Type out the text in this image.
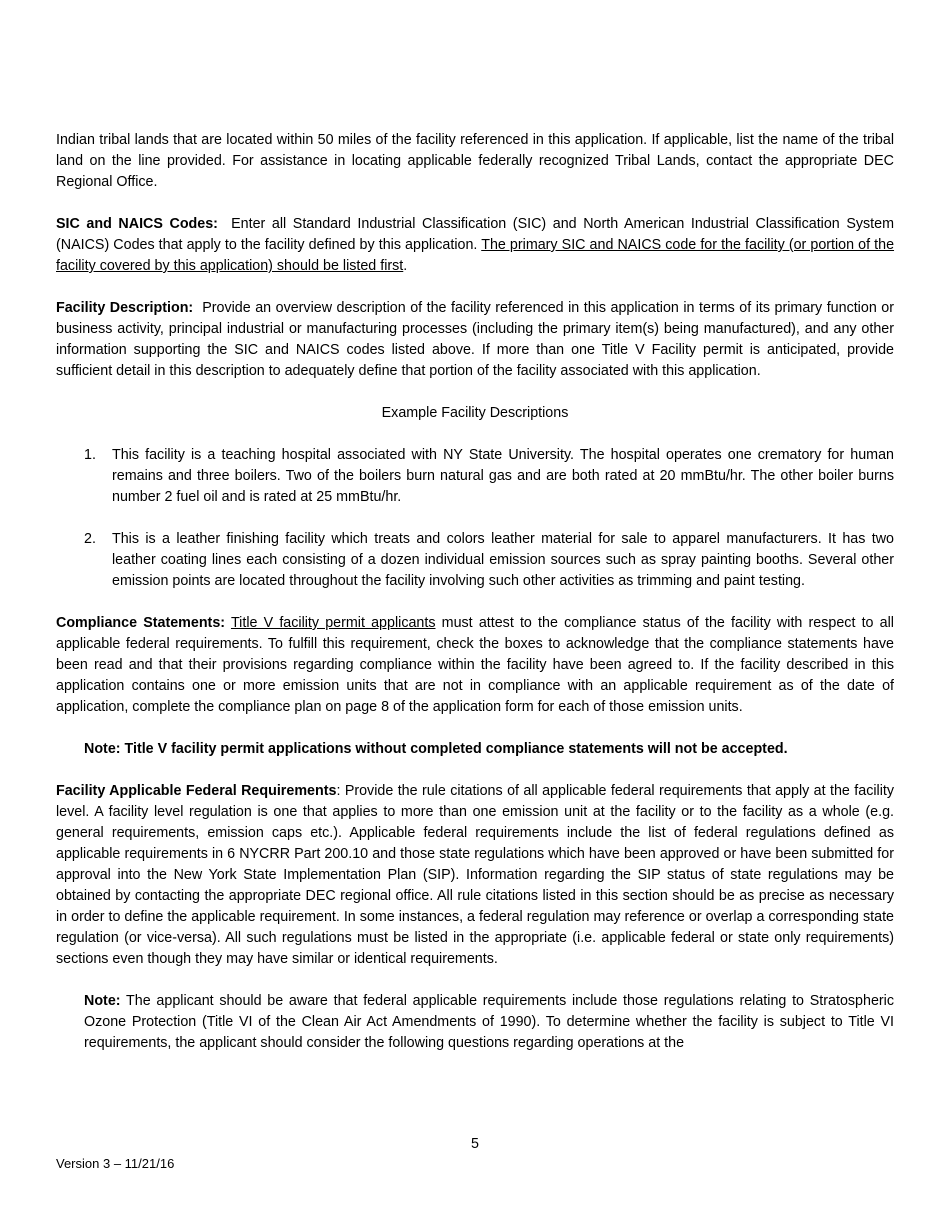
Indian tribal lands that are located within 50 miles of the facility referenced in this application. If applicable, list the name of the tribal land on the line provided. For assistance in locating applicable federally recognized Tribal Lands, contact the appropriate DEC Regional Office.

SIC and NAICS Codes: Enter all Standard Industrial Classification (SIC) and North American Industrial Classification System (NAICS) Codes that apply to the facility defined by this application. The primary SIC and NAICS code for the facility (or portion of the facility covered by this application) should be listed first.

Facility Description: Provide an overview description of the facility referenced in this application in terms of its primary function or business activity, principal industrial or manufacturing processes (including the primary item(s) being manufactured), and any other information supporting the SIC and NAICS codes listed above. If more than one Title V Facility permit is anticipated, provide sufficient detail in this description to adequately define that portion of the facility associated with this application.

Example Facility Descriptions

1. This facility is a teaching hospital associated with NY State University. The hospital operates one crematory for human remains and three boilers. Two of the boilers burn natural gas and are both rated at 20 mmBtu/hr. The other boiler burns number 2 fuel oil and is rated at 25 mmBtu/hr.
2. This is a leather finishing facility which treats and colors leather material for sale to apparel manufacturers. It has two leather coating lines each consisting of a dozen individual emission sources such as spray painting booths. Several other emission points are located throughout the facility involving such other activities as trimming and paint testing.

Compliance Statements: Title V facility permit applicants must attest to the compliance status of the facility with respect to all applicable federal requirements. To fulfill this requirement, check the boxes to acknowledge that the compliance statements have been read and that their provisions regarding compliance within the facility have been agreed to. If the facility described in this application contains one or more emission units that are not in compliance with an applicable requirement as of the date of application, complete the compliance plan on page 8 of the application form for each of those emission units.

Note: Title V facility permit applications without completed compliance statements will not be accepted.

Facility Applicable Federal Requirements: Provide the rule citations of all applicable federal requirements that apply at the facility level. A facility level regulation is one that applies to more than one emission unit at the facility or to the facility as a whole (e.g. general requirements, emission caps etc.). Applicable federal requirements include the list of federal regulations defined as applicable requirements in 6 NYCRR Part 200.10 and those state regulations which have been approved or have been submitted for approval into the New York State Implementation Plan (SIP). Information regarding the SIP status of state regulations may be obtained by contacting the appropriate DEC regional office. All rule citations listed in this section should be as precise as necessary in order to define the applicable requirement. In some instances, a federal regulation may reference or overlap a corresponding state regulation (or vice-versa). All such regulations must be listed in the appropriate (i.e. applicable federal or state only requirements) sections even though they may have similar or identical requirements.

Note: The applicant should be aware that federal applicable requirements include those regulations relating to Stratospheric Ozone Protection (Title VI of the Clean Air Act Amendments of 1990). To determine whether the facility is subject to Title VI requirements, the applicant should consider the following questions regarding operations at the

5
Version 3 – 11/21/16
